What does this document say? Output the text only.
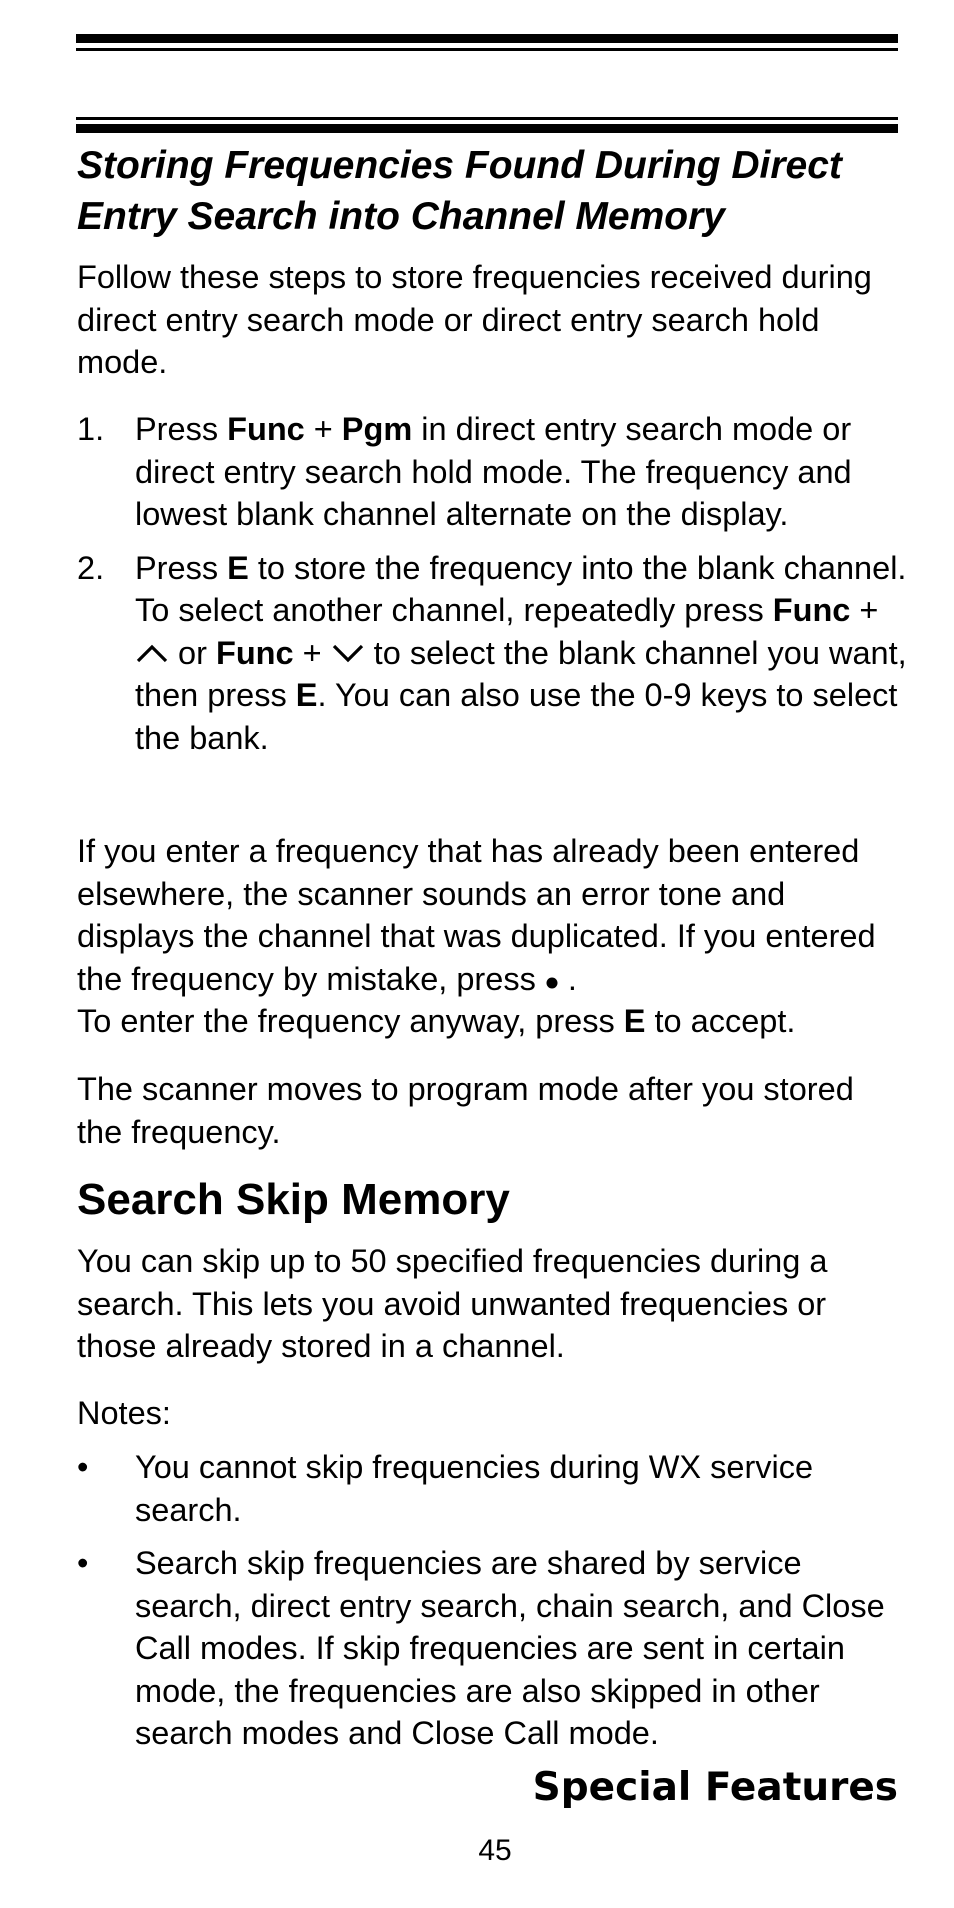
Storing Frequencies Found During Direct Entry Search into Channel Memory
Follow these steps to store frequencies received during direct entry search mode or direct entry search hold mode.
1. Press Func + Pgm in direct entry search mode or direct entry search hold mode. The frequency and lowest blank channel alternate on the display.
2. Press E to store the frequency into the blank channel. To select another channel, repeatedly press Func +  or Func +  to select the blank channel you want, then press E. You can also use the 0-9 keys to select the bank.
If you enter a frequency that has already been entered elsewhere, the scanner sounds an error tone and displays the channel that was duplicated. If you entered the frequency by mistake, press  .
To enter the frequency anyway, press E to accept.
The scanner moves to program mode after you stored the frequency.
Search Skip Memory
You can skip up to 50 specified frequencies during a search. This lets you avoid unwanted frequencies or those already stored in a channel.
Notes:
•	You cannot skip frequencies during WX service search.
•	Search skip frequencies are shared by service search, direct entry search, chain search, and Close Call modes. If skip frequencies are sent in certain mode, the frequencies are also skipped in other search modes and Close Call mode.
Special Features
45
